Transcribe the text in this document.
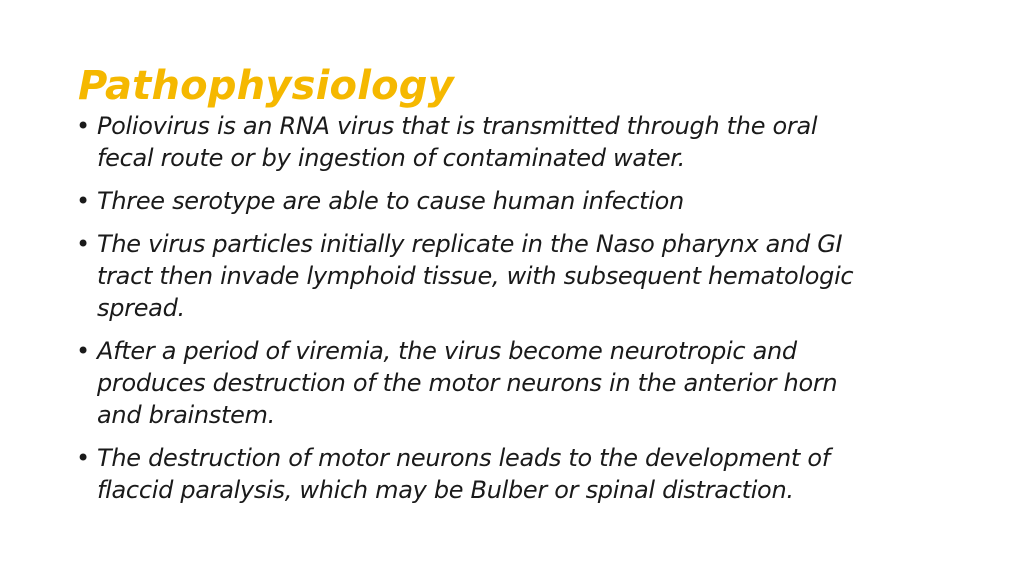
Pathophysiology
• Poliovirus is an RNA virus that is transmitted through the oral fecal route or by ingestion of contaminated water.
• Three serotype are able to cause human infection
• The virus particles initially replicate in the Naso pharynx and GI tract then invade lymphoid tissue, with subsequent hematologic spread.
• After a period of viremia, the virus become neurotropic and produces destruction of the motor neurons in the anterior horn and brainstem.
• The destruction of motor neurons leads to the development of flaccid paralysis, which may be Bulber or spinal distraction.
